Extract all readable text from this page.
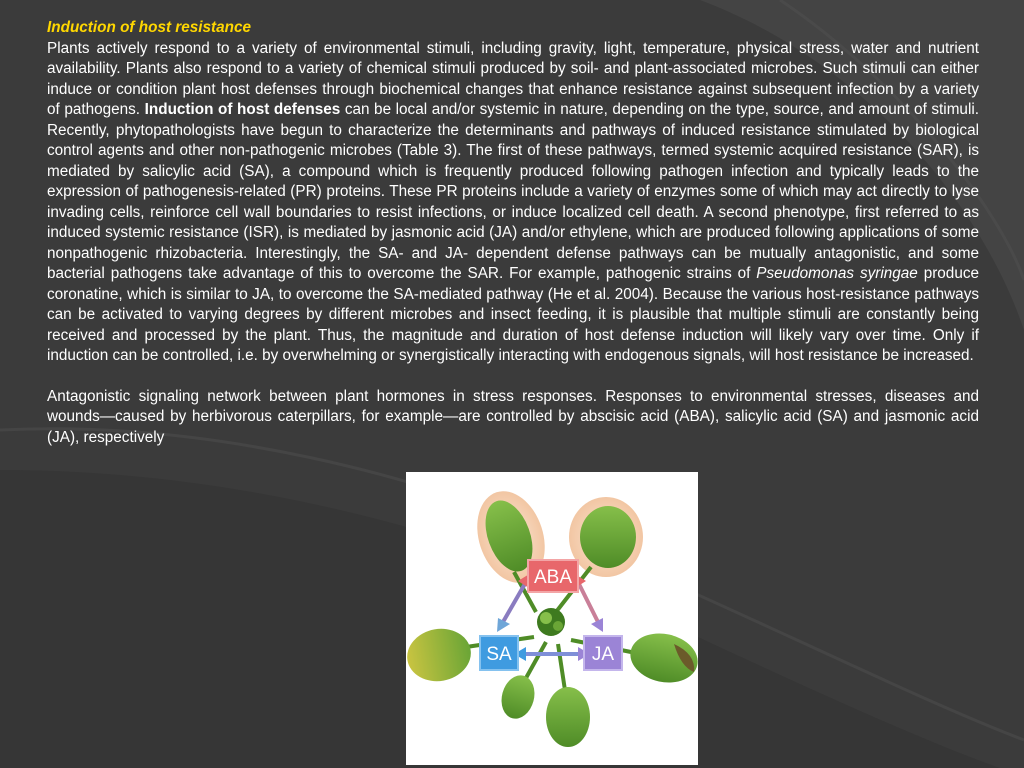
Induction of host resistance

Plants actively respond to a variety of environmental stimuli, including gravity, light, temperature, physical stress, water and nutrient availability. Plants also respond to a variety of chemical stimuli produced by soil- and plant-associated microbes. Such stimuli can either induce or condition plant host defenses through biochemical changes that enhance resistance against subsequent infection by a variety of pathogens. Induction of host defenses can be local and/or systemic in nature, depending on the type, source, and amount of stimuli. Recently, phytopathologists have begun to characterize the determinants and pathways of induced resistance stimulated by biological control agents and other non-pathogenic microbes (Table 3). The first of these pathways, termed systemic acquired resistance (SAR), is mediated by salicylic acid (SA), a compound which is frequently produced following pathogen infection and typically leads to the expression of pathogenesis-related (PR) proteins. These PR proteins include a variety of enzymes some of which may act directly to lyse invading cells, reinforce cell wall boundaries to resist infections, or induce localized cell death. A second phenotype, first referred to as induced systemic resistance (ISR), is mediated by jasmonic acid (JA) and/or ethylene, which are produced following applications of some nonpathogenic rhizobacteria. Interestingly, the SA- and JA- dependent defense pathways can be mutually antagonistic, and some bacterial pathogens take advantage of this to overcome the SAR. For example, pathogenic strains of Pseudomonas syringae produce coronatine, which is similar to JA, to overcome the SA-mediated pathway (He et al. 2004). Because the various host-resistance pathways can be activated to varying degrees by different microbes and insect feeding, it is plausible that multiple stimuli are constantly being received and processed by the plant. Thus, the magnitude and duration of host defense induction will likely vary over time. Only if induction can be controlled, i.e. by overwhelming or synergistically interacting with endogenous signals, will host resistance be increased.

Antagonistic signaling network between plant hormones in stress responses. Responses to environmental stresses, diseases and wounds—caused by herbivorous caterpillars, for example—are controlled by abscisic acid (ABA), salicylic acid (SA) and jasmonic acid (JA), respectively

ABA
SA	JA
